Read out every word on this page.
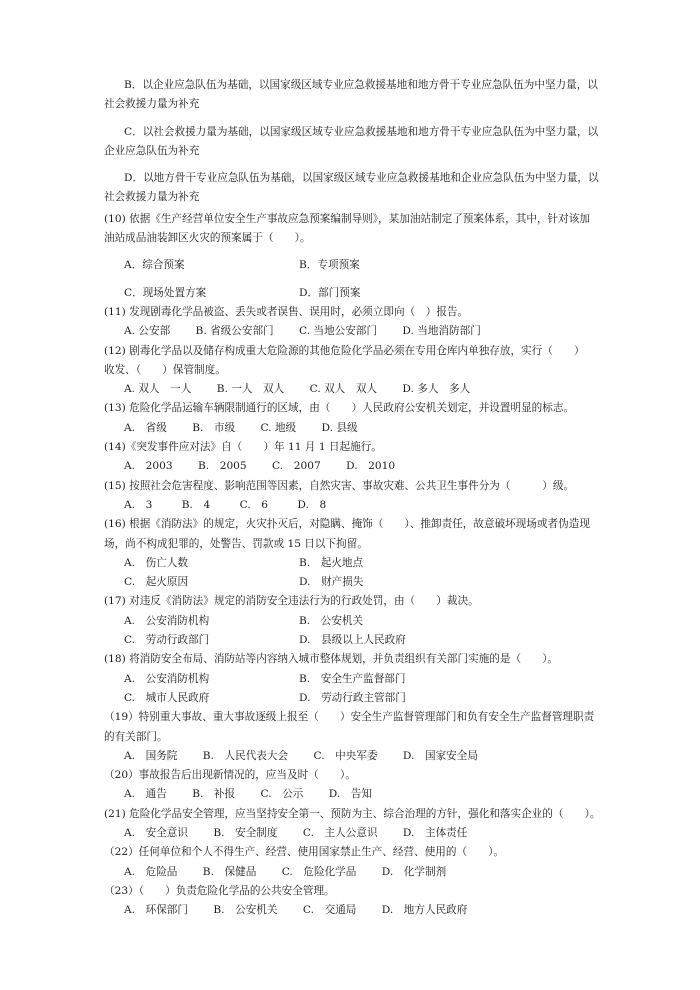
B．以企业应急队伍为基础，以国家级区域专业应急救援基地和地方骨干专业应急队伍为中坚力量，以
社会救援力量为补充
C．以社会救援力量为基础，以国家级区域专业应急救援基地和地方骨干专业应急队伍为中坚力量，以
企业应急队伍为补充
D．以地方骨干专业应急队伍为基础，以国家级区域专业应急救援基地和企业应急队伍为中坚力量，以
社会救援力量为补充
(10) 依据《生产经营单位安全生产事故应急预案编制导则》，某加油站制定了预案体系，其中，针对该加
油站成品油装卸区火灾的预案属于（　　）。
A．综合预案	B．专项预案
C．现场处置方案	D．部门预案
(11) 发现剧毒化学品被盗、丢失或者误售、误用时，必须立即向（　）报告。
A. 公安部 B. 省级公安部门 C. 当地公安部门 D. 当地消防部门
(12) 剧毒化学品以及储存构成重大危险源的其他危险化学品必须在专用仓库内单独存放，实行（　　）
收发、（　　）保管制度。
A. 双人　一人 B. 一人　双人 C. 双人　双人 D. 多人　多人
(13) 危险化学品运输车辆限制通行的区域，由（　　）人民政府公安机关划定，并设置明显的标志。
A.　省级 B.　市级 C. 地级 D. 县级
(14)《突发事件应对法》自（　　）年 11 月 1 日起施行。
A.　2003 B.　2005 C.　2007 D.　2010
(15) 按照社会危害程度、影响范围等因素，自然灾害、事故灾难、公共卫生事件分为（　　　）级。
A.　3	B.　4	C.　6	D.　8
(16) 根据《消防法》的规定，火灾扑灭后，对隐瞒、掩饰（　　）、推卸责任，故意破坏现场或者伪造现
场，尚不构成犯罪的，处警告、罚款或 15 日以下拘留。
A.　伤亡人数	B.　起火地点
C.　起火原因	D.　财产损失
(17) 对违反《消防法》规定的消防安全违法行为的行政处罚，由（　　）裁决。
A.　公安消防机构	B.　公安机关
C.　劳动行政部门	D.　县级以上人民政府
(18) 将消防安全布局、消防站等内容纳入城市整体规划，并负责组织有关部门实施的是（　　）。
A.　公安消防机构	B.　安全生产监督部门
C.　城市人民政府	D.　劳动行政主管部门
（19）特别重大事故、重大事故逐级上报至（　　）安全生产监督管理部门和负有安全生产监督管理职责
的有关部门。
A.　国务院 B.　人民代表大会 C.　中央军委 D.　国家安全局
（20）事故报告后出现新情况的，应当及时（　　）。
A.　通告 B.　补报 C.　公示 D.　告知
(21) 危险化学品安全管理，应当坚持安全第一、预防为主、综合治理的方针，强化和落实企业的（　　）。
A.　安全意识 B.　安全制度 C.　主人公意识 D.　主体责任
（22）任何单位和个人不得生产、经营、使用国家禁止生产、经营、使用的（　　）。
A.　危险品 B.　保健品 C.　危险化学品 D.　化学制剂
（23）（　　）负责危险化学品的公共安全管理。
A.　环保部门 B.　公安机关 C.　交通局 D.　地方人民政府
